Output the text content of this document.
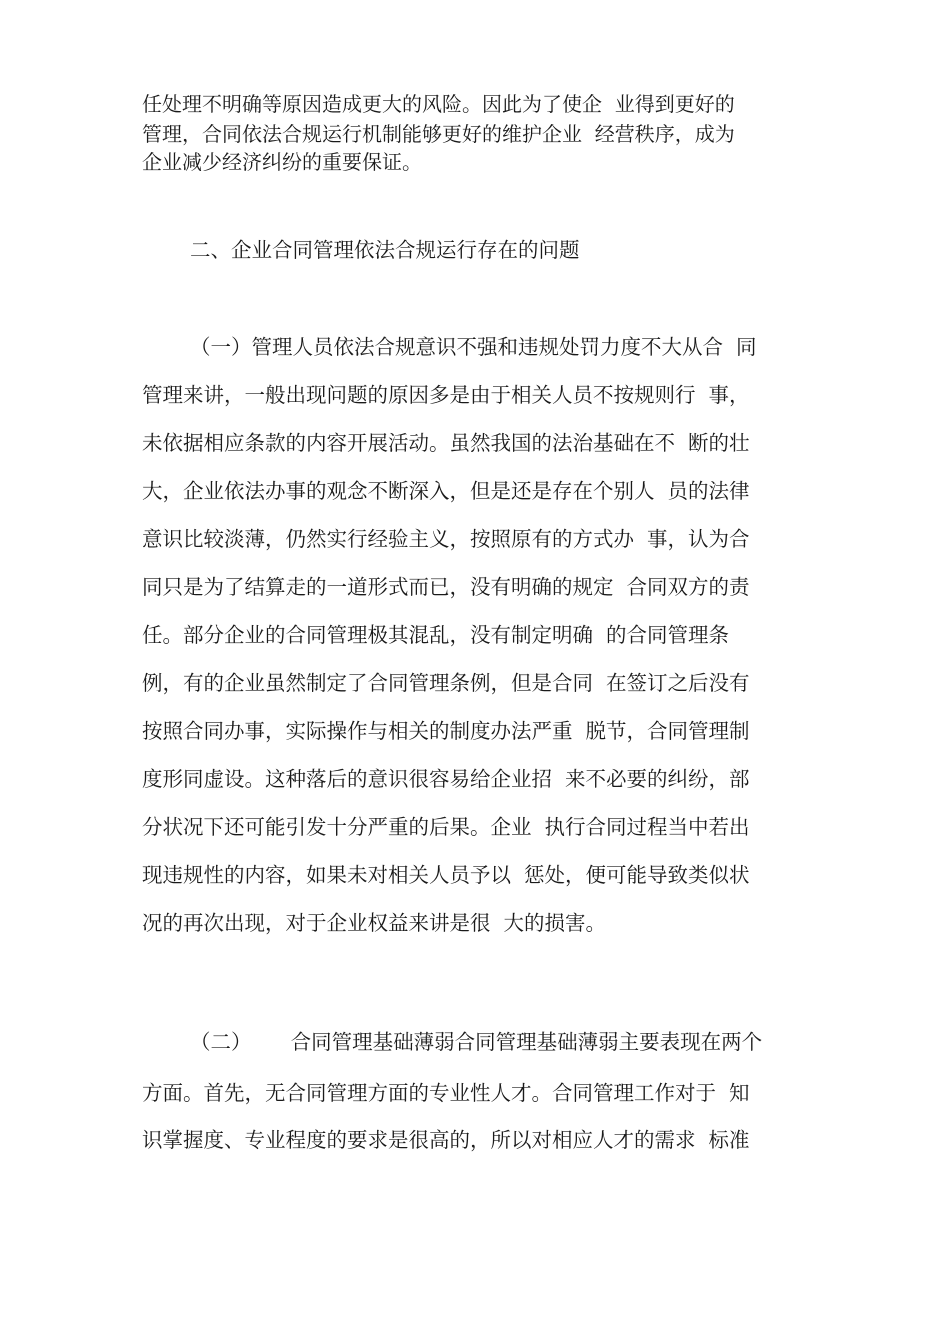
任处理不明确等原因造成更大的风险。因此为了使企  业得到更好的

管理，合同依法合规运行机制能够更好的维护企业  经营秩序，成为

企业减少经济纠纷的重要保证。

二、企业合同管理依法合规运行存在的问题

（一）管理人员依法合规意识不强和违规处罚力度不大从合  同

管理来讲，一般出现问题的原因多是由于相关人员不按规则行  事，

未依据相应条款的内容开展活动。虽然我国的法治基础在不  断的壮

大，企业依法办事的观念不断深入，但是还是存在个别人  员的法律

意识比较淡薄，仍然实行经验主义，按照原有的方式办  事，认为合

同只是为了结算走的一道形式而已，没有明确的规定  合同双方的责

任。部分企业的合同管理极其混乱，没有制定明确  的合同管理条

例，有的企业虽然制定了合同管理条例，但是合同  在签订之后没有

按照合同办事，实际操作与相关的制度办法严重  脱节，合同管理制

度形同虚设。这种落后的意识很容易给企业招  来不必要的纠纷，部

分状况下还可能引发十分严重的后果。企业  执行合同过程当中若出

现违规性的内容，如果未对相关人员予以  惩处，便可能导致类似状

况的再次出现，对于企业权益来讲是很  大的损害。

（二）      合同管理基础薄弱合同管理基础薄弱主要表现在两个

方面。首先，无合同管理方面的专业性人才。合同管理工作对于  知

识掌握度、专业程度的要求是很高的，所以对相应人才的需求  标准
